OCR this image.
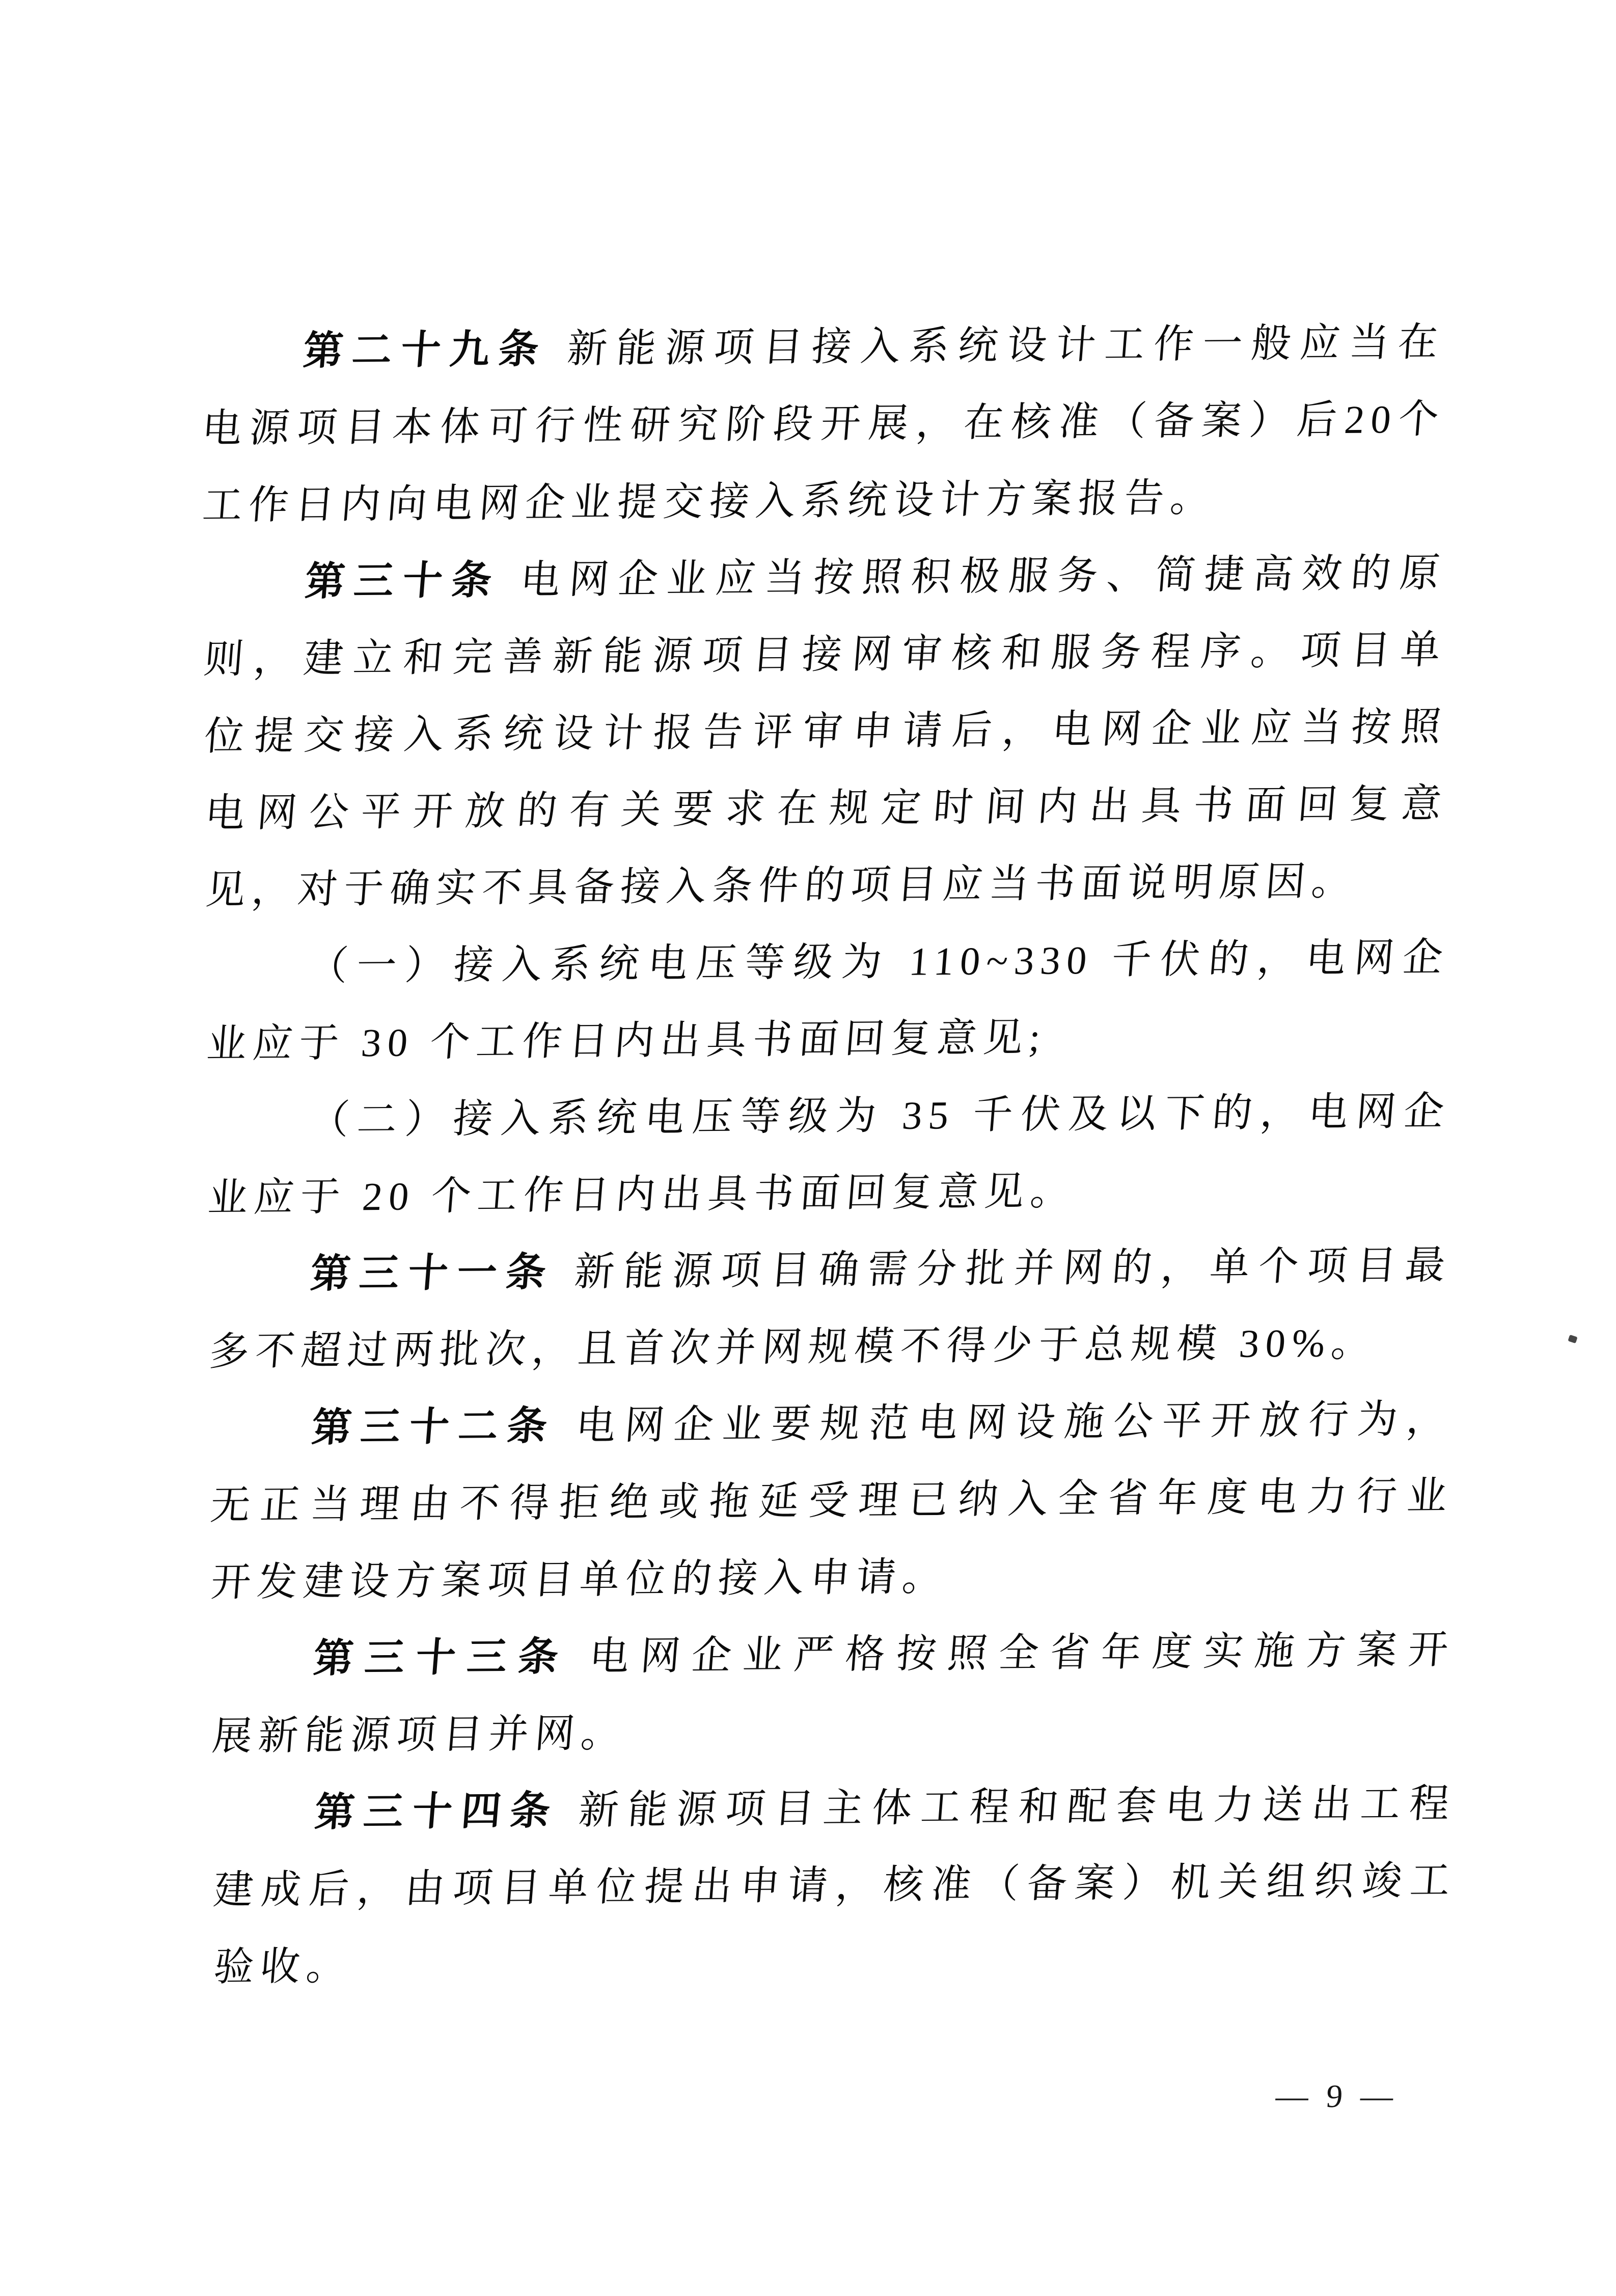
第二十九条 新能源项目接入系统设计工作一般应当在
电源项目本体可行性研究阶段开展，在核准（备案）后20个
工作日内向电网企业提交接入系统设计方案报告。
第三十条 电网企业应当按照积极服务、简捷高效的原
则，建立和完善新能源项目接网审核和服务程序。项目单
位提交接入系统设计报告评审申请后，电网企业应当按照
电网公平开放的有关要求在规定时间内出具书面回复意
见，对于确实不具备接入条件的项目应当书面说明原因。
（一）接入系统电压等级为 110~330 千伏的，电网企
业应于 30 个工作日内出具书面回复意见;
（二）接入系统电压等级为 35 千伏及以下的，电网企
业应于 20 个工作日内出具书面回复意见。
第三十一条 新能源项目确需分批并网的，单个项目最
多不超过两批次，且首次并网规模不得少于总规模 30%。
第三十二条 电网企业要规范电网设施公平开放行为，
无正当理由不得拒绝或拖延受理已纳入全省年度电力行业
开发建设方案项目单位的接入申请。
第三十三条 电网企业严格按照全省年度实施方案开
展新能源项目并网。
第三十四条 新能源项目主体工程和配套电力送出工程
建成后，由项目单位提出申请，核准（备案）机关组织竣工
验收。
— 9 —
